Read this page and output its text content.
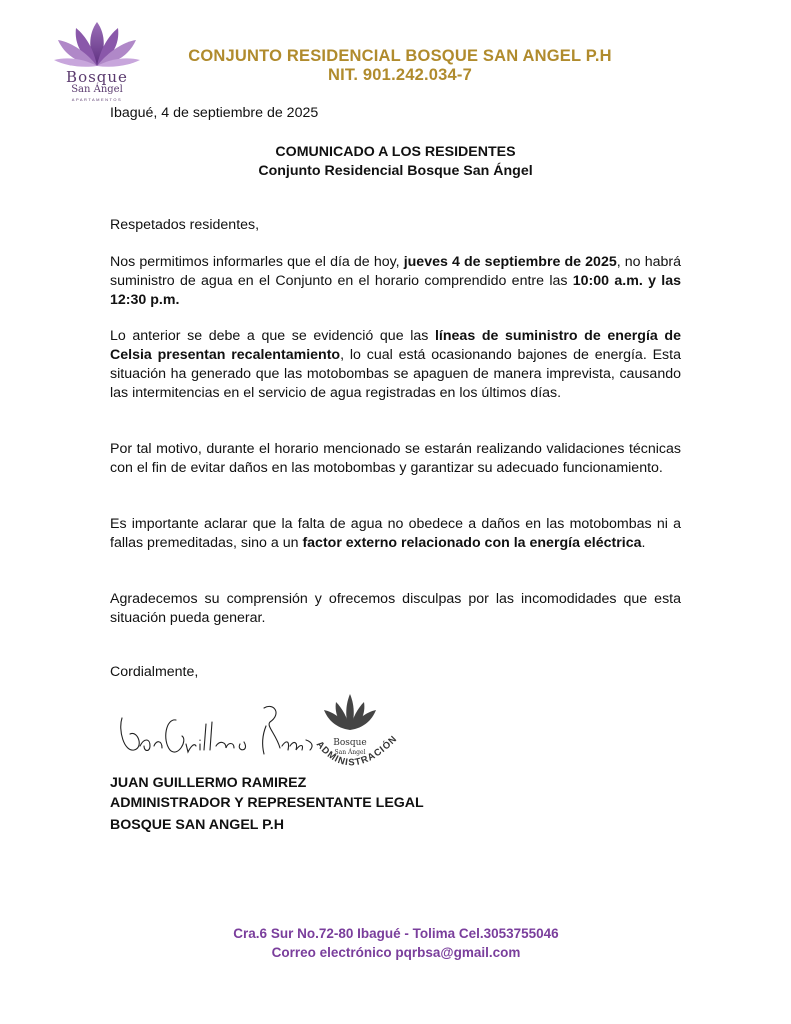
Bosque
San Ángel
APARTAMENTOS
CONJUNTO RESIDENCIAL BOSQUE SAN ANGEL P.H
NIT. 901.242.034-7

Ibagué, 4 de septiembre de 2025

COMUNICADO A LOS RESIDENTES

Conjunto Residencial Bosque San Ángel

Respetados residentes,

Nos permitimos informarles que el día de hoy, jueves 4 de septiembre de 2025, no habrá suministro de agua en el Conjunto en el horario comprendido entre las 10:00 a.m. y las 12:30 p.m.

Lo anterior se debe a que se evidenció que las líneas de suministro de energía de Celsia presentan recalentamiento, lo cual está ocasionando bajones de energía. Esta situación ha generado que las motobombas se apaguen de manera imprevista, causando las intermitencias en el servicio de agua registradas en los últimos días.

Por tal motivo, durante el horario mencionado se estarán realizando validaciones técnicas con el fin de evitar daños en las motobombas y garantizar su adecuado funcionamiento.

Es importante aclarar que la falta de agua no obedece a daños en las motobombas ni a fallas premeditadas, sino a un factor externo relacionado con la energía eléctrica.

Agradecemos su comprensión y ofrecemos disculpas por las incomodidades que esta situación pueda generar.

Cordialmente,

Bosque
San Ángel
ADMINISTRACIÓN
JUAN GUILLERMO RAMIREZ
ADMINISTRADOR Y REPRESENTANTE LEGAL
BOSQUE SAN ANGEL P.H
Cra.6 Sur No.72-80 Ibagué - Tolima Cel.3053755046
Correo electrónico pqrbsa@gmail.com
